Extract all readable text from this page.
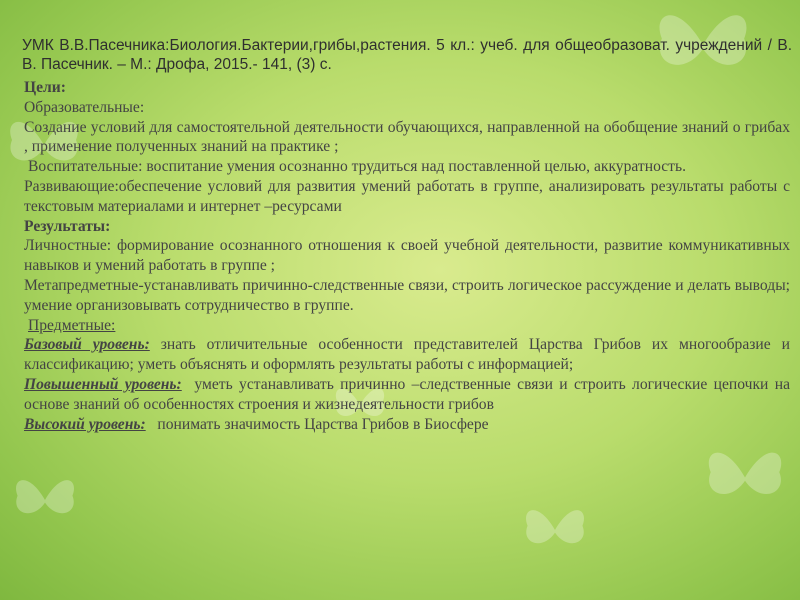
УМК В.В.Пасечника:Биология.Бактерии,грибы,растения. 5 кл.: учеб. для общеобразоват. учреждений / В. В. Пасечник. – М.: Дрофа, 2015.- 141, (3) с.

Цели:

Образовательные:

Создание условий для самостоятельной деятельности обучающихся, направленной на обобщение знаний о грибах , применение полученных знаний на практике ;

Воспитательные: воспитание умения осознанно трудиться над поставленной целью, аккуратность.

Развивающие:обеспечение условий для развития умений работать в группе, анализировать результаты работы с текстовым материалами и интернет –ресурсами

Результаты:

Личностные: формирование осознанного отношения к своей учебной деятельности, развитие коммуникативных навыков и умений работать в группе ;

Метапредметные-устанавливать причинно-следственные связи, строить логическое рассуждение и делать выводы; умение организовывать сотрудничество в группе.

Предметные:

Базовый уровень: знать отличительные особенности представителей Царства Грибов их многообразие и классификацию; уметь объяснять и оформлять результаты работы с информацией;

Повышенный уровень: уметь устанавливать причинно –следственные связи и строить логические цепочки на основе знаний об особенностях строения и жизнедеятельности грибов

Высокий уровень: понимать значимость Царства Грибов в Биосфере
